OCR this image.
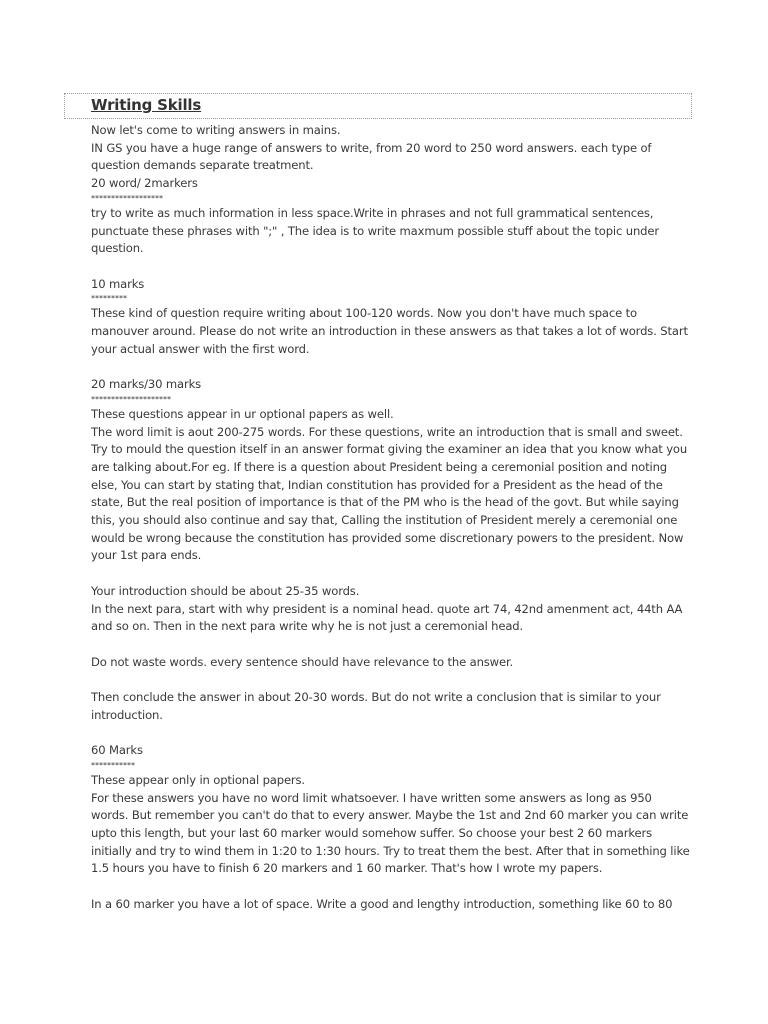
Writing Skills

Now let's come to writing answers in mains.
IN GS you have a huge range of answers to write, from 20 word to 250 word answers. each type of question demands separate treatment.

20 word/ 2markers

******************

try to write as much information in less space.Write in phrases and not full grammatical sentences, punctuate these phrases with ";" , The idea is to write maxmum possible stuff about the topic under question.

10 marks

*********

These kind of question require writing about 100-120 words. Now you don't have much space to manouver around. Please do not write an introduction in these answers as that takes a lot of words. Start your actual answer with the first word.

20 marks/30 marks

********************

These questions appear in ur optional papers as well.
The word limit is aout 200-275 words. For these questions, write an introduction that is small and sweet. Try to mould the question itself in an answer format giving the examiner an idea that you know what you are talking about.For eg. If there is a question about President being a ceremonial position and noting else, You can start by stating that, Indian constitution has provided for a President as the head of the state, But the real position of importance is that of the PM who is the head of the govt. But while saying this, you should also continue and say that, Calling the institution of President merely a ceremonial one would be wrong because the constitution has provided some discretionary powers to the president. Now your 1st para ends.

Your introduction should be about 25-35 words.
In the next para, start with why president is a nominal head. quote art 74, 42nd amenment act, 44th AA and so on. Then in the next para write why he is not just a ceremonial head.

Do not waste words. every sentence should have relevance to the answer.

Then conclude the answer in about 20-30 words. But do not write a conclusion that is similar to your introduction.

60 Marks

***********

These appear only in optional papers.
For these answers you have no word limit whatsoever. I have written some answers as long as 950 words. But remember you can't do that to every answer. Maybe the 1st and 2nd 60 marker you can write upto this length, but your last 60 marker would somehow suffer. So choose your best 2 60 markers initially and try to wind them in 1:20 to 1:30 hours. Try to treat them the best. After that in something like 1.5 hours you have to finish 6 20 markers and 1 60 marker. That's how I wrote my papers.

In a 60 marker you have a lot of space. Write a good and lengthy introduction, something like 60 to 80
